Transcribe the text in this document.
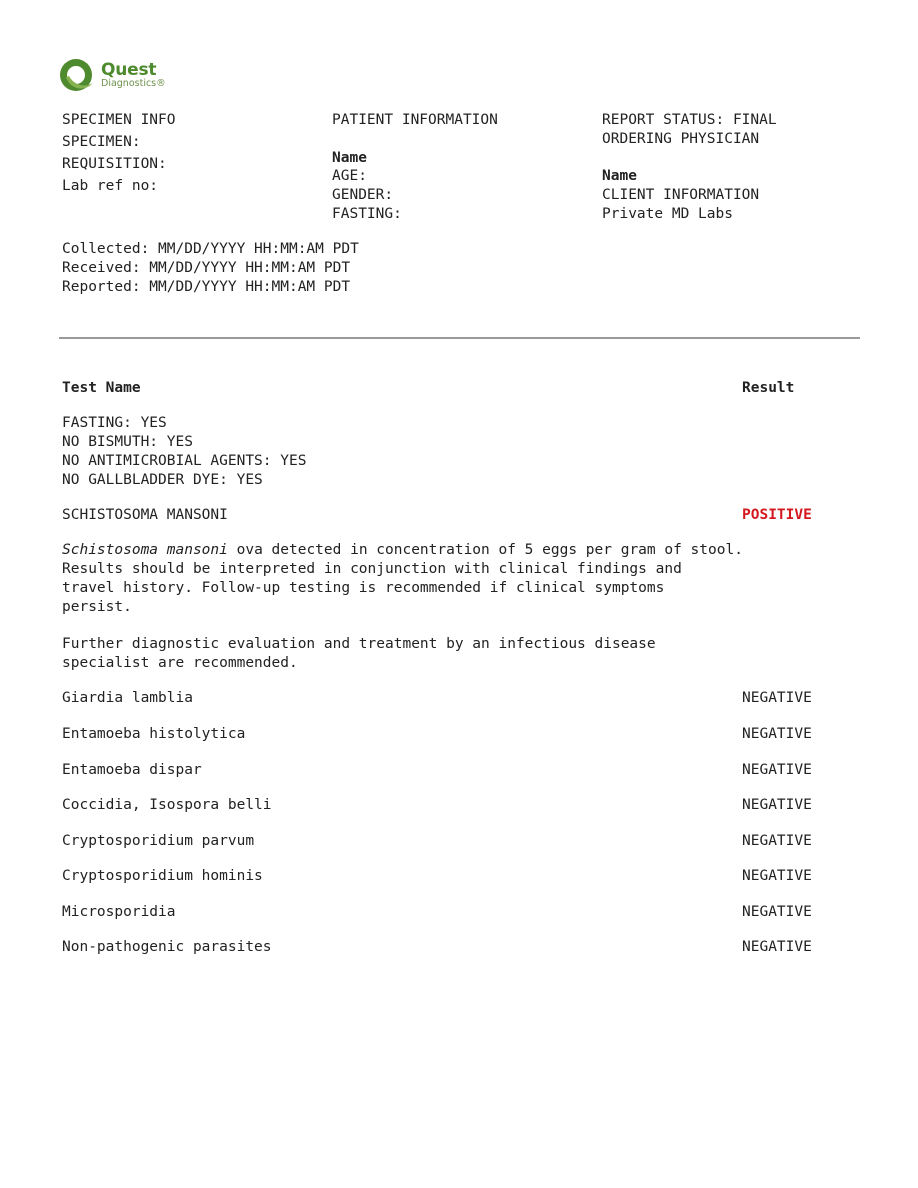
Quest
Diagnostics®
SPECIMEN INFO
SPECIMEN:
REQUISITION:
Lab ref no:
PATIENT INFORMATION
Name
AGE:
GENDER:
FASTING:
REPORT STATUS: FINAL
ORDERING PHYSICIAN
Name
CLIENT INFORMATION
Private MD Labs
Collected: MM/DD/YYYY HH:MM:AM PDT
Received: MM/DD/YYYY HH:MM:AM PDT
Reported: MM/DD/YYYY HH:MM:AM PDT
Test Name	Result
FASTING: YES
NO BISMUTH: YES
NO ANTIMICROBIAL AGENTS: YES
NO GALLBLADDER DYE: YES
SCHISTOSOMA MANSONI	POSITIVE
Schistosoma mansoni ova detected in concentration of 5 eggs per gram of stool.
Results should be interpreted in conjunction with clinical findings and
travel history. Follow-up testing is recommended if clinical symptoms
persist.
Further diagnostic evaluation and treatment by an infectious disease
specialist are recommended.
Giardia lamblia	NEGATIVE
Entamoeba histolytica	NEGATIVE
Entamoeba dispar	NEGATIVE
Coccidia, Isospora belli	NEGATIVE
Cryptosporidium parvum	NEGATIVE
Cryptosporidium hominis	NEGATIVE
Microsporidia	NEGATIVE
Non-pathogenic parasites	NEGATIVE
